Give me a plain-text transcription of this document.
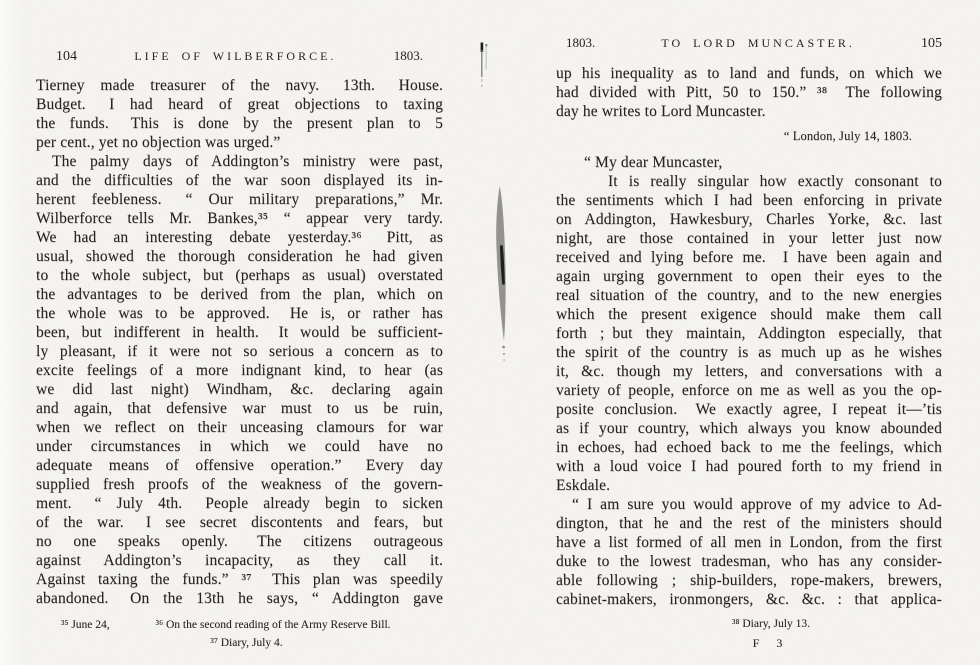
104	LIFE OF WILBERFORCE.	1803.
Tierney made treasurer of the navy.  13th.  House.
Budget.  I had heard of great objections to taxing
the funds.  This is done by the present plan to 5
per cent., yet no objection was urged.”
The palmy days of Addington’s ministry were past,
and the difficulties of the war soon displayed its in-
herent feebleness.  “ Our military preparations,” Mr.
Wilberforce tells Mr. Bankes,³⁵ “ appear very tardy.
We had an interesting debate yesterday.³⁶  Pitt, as
usual, showed the thorough consideration he had given
to the whole subject, but (perhaps as usual) overstated
the advantages to be derived from the plan, which on
the whole was to be approved.  He is, or rather has
been, but indifferent in health.  It would be sufficient-
ly pleasant, if it were not so serious a concern as to
excite feelings of a more indignant kind, to hear (as
we did last night) Windham, &c. declaring again
and again, that defensive war must to us be ruin,
when we reflect on their unceasing clamours for war
under circumstances in which we could have no
adequate means of offensive operation.”  Every day
supplied fresh proofs of the weakness of the govern-
ment.  “ July 4th.  People already begin to sicken
of the war.  I see secret discontents and fears, but
no one speaks openly.  The citizens outrageous
against Addington’s incapacity, as they call it.
Against taxing the funds.” ³⁷  This plan was speedily
abandoned.  On the 13th he says, “ Addington gave
1803.	TO LORD MUNCASTER.	105
up his inequality as to land and funds, on which we
had divided with Pitt, 50 to 150.” ³⁸  The following
day he writes to Lord Muncaster.
“ London, July 14, 1803.
“ My dear Muncaster,
It is really singular how exactly consonant to
the sentiments which I had been enforcing in private
on Addington, Hawkesbury, Charles Yorke, &c. last
night, are those contained in your letter just now
received and lying before me.  I have been again and
again urging government to open their eyes to the
real situation of the country, and to the new energies
which the present exigence should make them call
forth ; but they maintain, Addington especially, that
the spirit of the country is as much up as he wishes
it, &c. though my letters, and conversations with a
variety of people, enforce on me as well as you the op-
posite conclusion.  We exactly agree, I repeat it—’tis
as if your country, which always you know abounded
in echoes, had echoed back to me the feelings, which
with a loud voice I had poured forth to my friend in
Eskdale.
“ I am sure you would approve of my advice to Ad-
dington, that he and the rest of the ministers should
have a list formed of all men in London, from the first
duke to the lowest tradesman, who has any consider-
able following ; ship-builders, rope-makers, brewers,
cabinet-makers, ironmongers, &c. &c. : that applica-
³⁵ June 24,	³⁶ On the second reading of the Army Reserve Bill.
³⁷ Diary, July 4.
³⁸ Diary, July 13.
F 3
